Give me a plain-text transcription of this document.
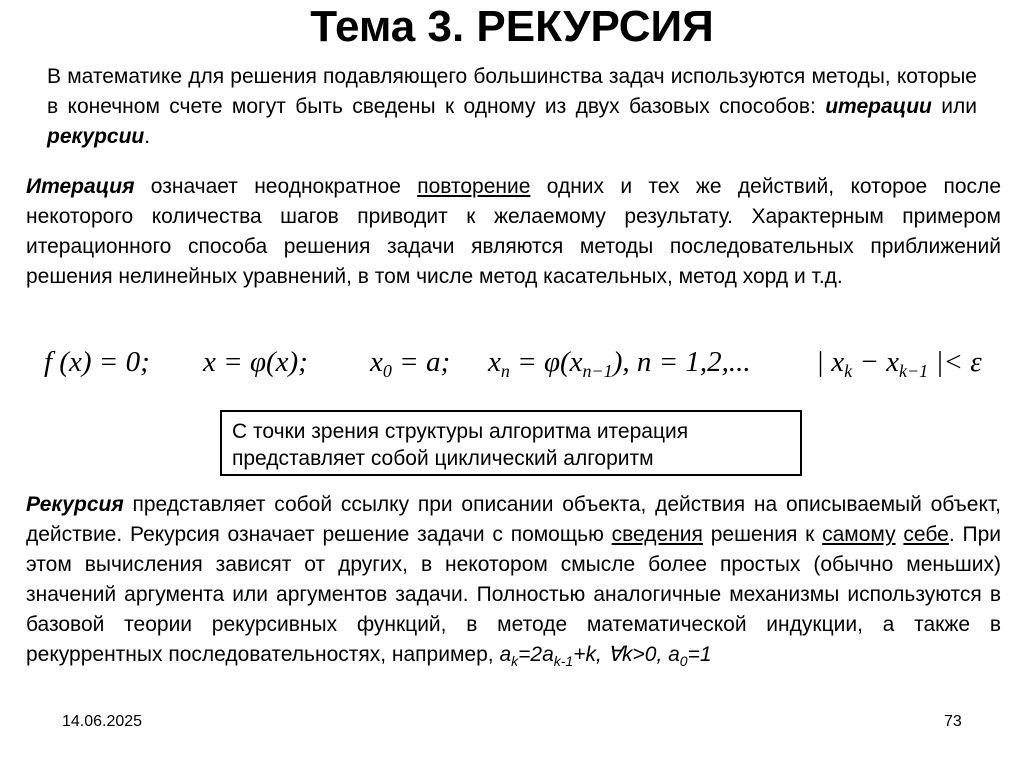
Тема 3. РЕКУРСИЯ
В математике для решения подавляющего большинства задач используются методы, которые в конечном счете могут быть сведены к одному из двух базовых способов: итерации или рекурсии.
Итерация означает неоднократное повторение одних и тех же действий, которое после некоторого количества шагов приводит к желаемому результату. Характерным примером итерационного способа решения задачи являются методы последовательных приближений решения нелинейных уравнений, в том числе метод касательных, метод хорд и т.д.
f (x) = 0; x = φ(x); $x_0 = a$; $x_n = \varphi(x_{n-1})$, n = 1,2,... | $x_k - x_{k-1}$ |< ε
С точки зрения структуры алгоритма итерация
представляет собой циклический алгоритм
Рекурсия представляет собой ссылку при описании объекта, действия на описываемый объект, действие. Рекурсия означает решение задачи с помощью сведения решения к самому себе. При этом вычисления зависят от других, в некотором смысле более простых (обычно меньших) значений аргумента или аргументов задачи. Полностью аналогичные механизмы используются в базовой теории рекурсивных функций, в методе математической индукции, а также в рекуррентных последовательностях, например, $a_k=2a_{k-1}+k$, ∀k>0, $a_0=1$
14.06.2025	73
